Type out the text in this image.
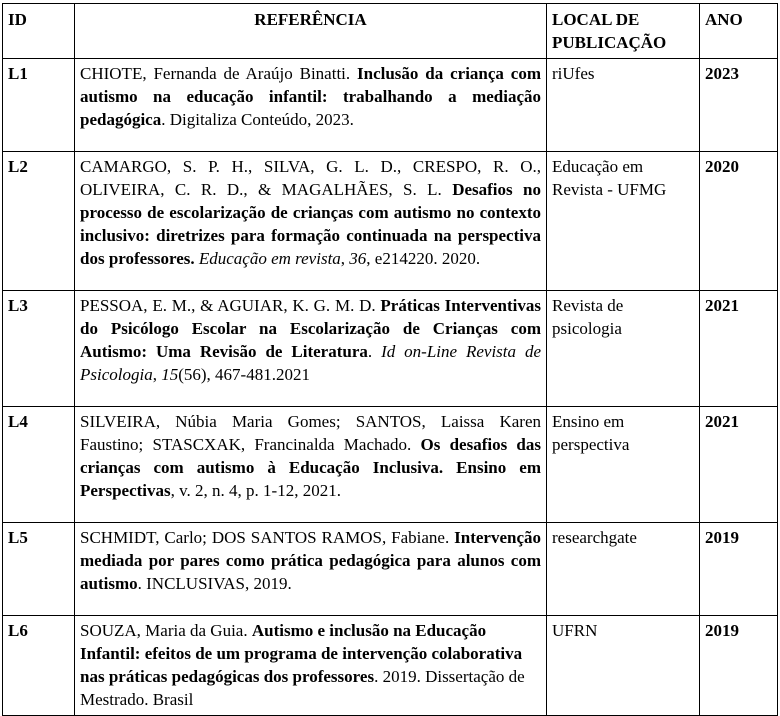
ID	REFERÊNCIA	LOCAL DE PUBLICAÇÃO	ANO
L1	CHIOTE, Fernanda de Araújo Binatti. Inclusão da criança com autismo na educação infantil: trabalhando a mediação pedagógica. Digitaliza Conteúdo, 2023.	riUfes	2023
L2	CAMARGO, S. P. H., SILVA, G. L. D., CRESPO, R. O., OLIVEIRA, C. R. D., & MAGALHÃES, S. L. Desafios no processo de escolarização de crianças com autismo no contexto inclusivo: diretrizes para formação continuada na perspectiva dos professores. Educação em revista, 36, e214220. 2020.	Educação em Revista - UFMG	2020
L3	PESSOA, E. M., & AGUIAR, K. G. M. D. Práticas Interventivas do Psicólogo Escolar na Escolarização de Crianças com Autismo: Uma Revisão de Literatura. Id on-Line Revista de Psicologia, 15(56), 467-481.2021	Revista de psicologia	2021
L4	SILVEIRA, Núbia Maria Gomes; SANTOS, Laissa Karen Faustino; STASCXAK, Francinalda Machado. Os desafios das crianças com autismo à Educação Inclusiva. Ensino em Perspectivas, v. 2, n. 4, p. 1-12, 2021.	Ensino em perspectiva	2021
L5	SCHMIDT, Carlo; DOS SANTOS RAMOS, Fabiane. Intervenção mediada por pares como prática pedagógica para alunos com autismo. INCLUSIVAS, 2019.	researchgate	2019
L6	SOUZA, Maria da Guia. Autismo e inclusão na Educação Infantil: efeitos de um programa de intervenção colaborativa nas práticas pedagógicas dos professores. 2019. Dissertação de Mestrado. Brasil	UFRN	2019
